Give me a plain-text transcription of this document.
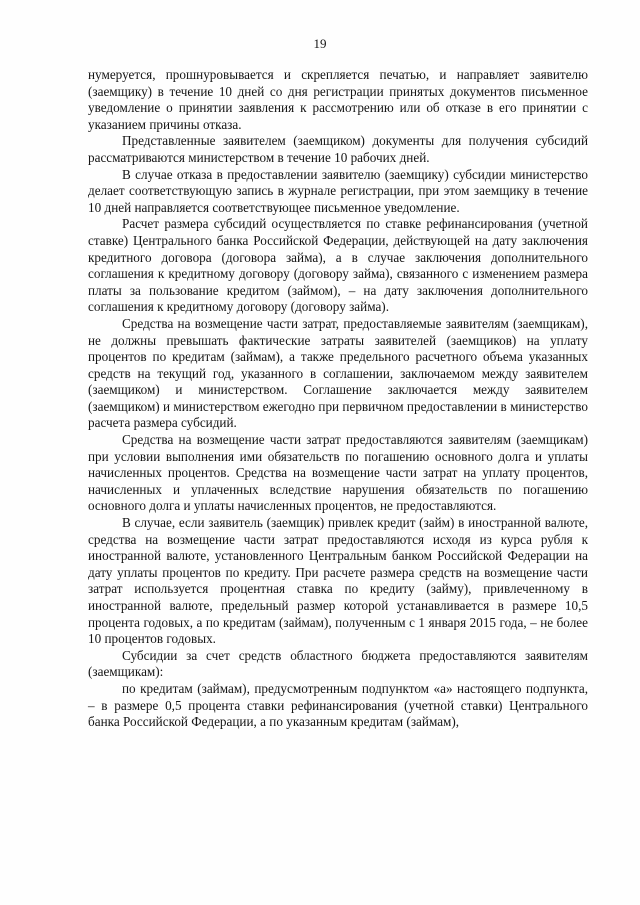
19

нумеруется, прошнуровывается и скрепляется печатью, и направляет заявителю (заемщику) в течение 10 дней со дня регистрации принятых документов письменное уведомление о принятии заявления к рассмотрению или об отказе в его принятии с указанием причины отказа.

Представленные заявителем (заемщиком) документы для получения субсидий рассматриваются министерством в течение 10 рабочих дней.

В случае отказа в предоставлении заявителю (заемщику) субсидии министерство делает соответствующую запись в журнале регистрации, при этом заемщику в течение 10 дней направляется соответствующее письменное уведомление.

Расчет размера субсидий осуществляется по ставке рефинансирования (учетной ставке) Центрального банка Российской Федерации, действующей на дату заключения кредитного договора (договора займа), а в случае заключения дополнительного соглашения к кредитному договору (договору займа), связанного с изменением размера платы за пользование кредитом (займом), – на дату заключения дополнительного соглашения к кредитному договору (договору займа).

Средства на возмещение части затрат, предоставляемые заявителям (заемщикам), не должны превышать фактические затраты заявителей (заемщиков) на уплату процентов по кредитам (займам), а также предельного расчетного объема указанных средств на текущий год, указанного в соглашении, заключаемом между заявителем (заемщиком) и министерством. Соглашение заключается между заявителем (заемщиком) и министерством ежегодно при первичном предоставлении в министерство расчета размера субсидий.

Средства на возмещение части затрат предоставляются заявителям (заемщикам) при условии выполнения ими обязательств по погашению основного долга и уплаты начисленных процентов. Средства на возмещение части затрат на уплату процентов, начисленных и уплаченных вследствие нарушения обязательств по погашению основного долга и уплаты начисленных процентов, не предоставляются.

В случае, если заявитель (заемщик) привлек кредит (займ) в иностранной валюте, средства на возмещение части затрат предоставляются исходя из курса рубля к иностранной валюте, установленного Центральным банком Российской Федерации на дату уплаты процентов по кредиту. При расчете размера средств на возмещение части затрат используется процентная ставка по кредиту (займу), привлеченному в иностранной валюте, предельный размер которой устанавливается в размере 10,5 процента годовых, а по кредитам (займам), полученным с 1 января 2015 года, – не более 10 процентов годовых.

Субсидии за счет средств областного бюджета предоставляются заявителям (заемщикам):

по кредитам (займам), предусмотренным подпунктом «а» настоящего подпункта, – в размере 0,5 процента ставки рефинансирования (учетной ставки) Центрального банка Российской Федерации, а по указанным кредитам (займам),
